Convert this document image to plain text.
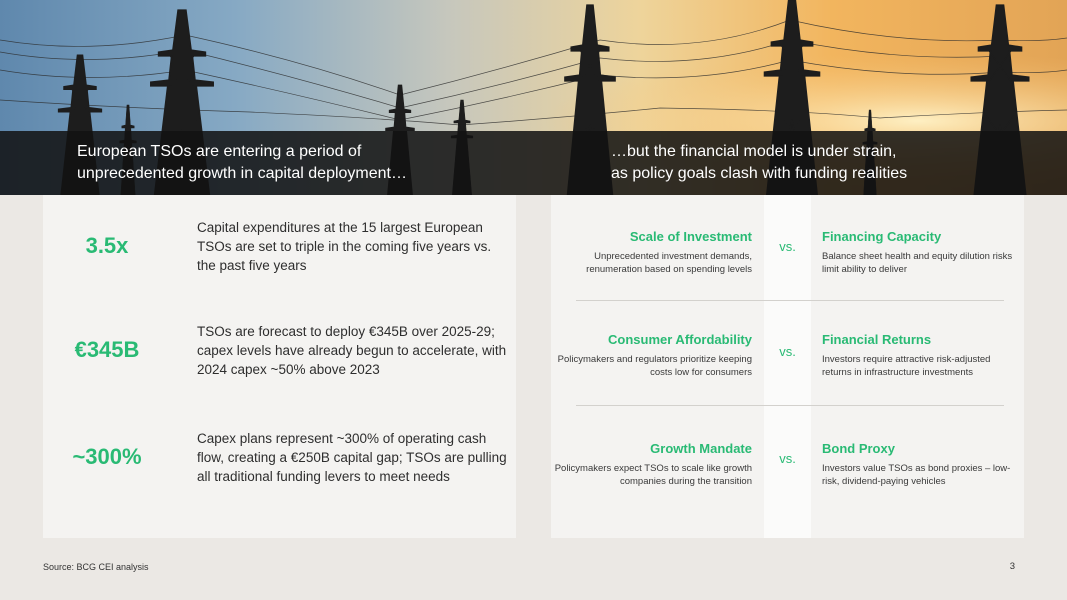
European TSOs are entering a period of
unprecedented growth in capital deployment…

…but the financial model is under strain,
as policy goals clash with funding realities

3.5x
Capital expenditures at the 15 largest European TSOs are set to triple in the coming five years vs. the past five years
€345B
TSOs are forecast to deploy €345B over 2025-29; capex levels have already begun to accelerate, with 2024 capex ~50% above 2023
~300%
Capex plans represent ~300% of operating cash flow, creating a €250B capital gap; TSOs are pulling all traditional funding levers to meet needs
Scale of Investment
Unprecedented investment demands, renumeration based on spending levels
vs.
Financing Capacity
Balance sheet health and equity dilution risks limit ability to deliver
Consumer Affordability
Policymakers and regulators prioritize keeping costs low for consumers
vs.
Financial Returns
Investors require attractive risk-adjusted returns in infrastructure investments
Growth Mandate
Policymakers expect TSOs to scale like growth companies during the transition
vs.
Bond Proxy
Investors value TSOs as bond proxies – low-risk, dividend-paying vehicles
Source: BCG CEI analysis	3
